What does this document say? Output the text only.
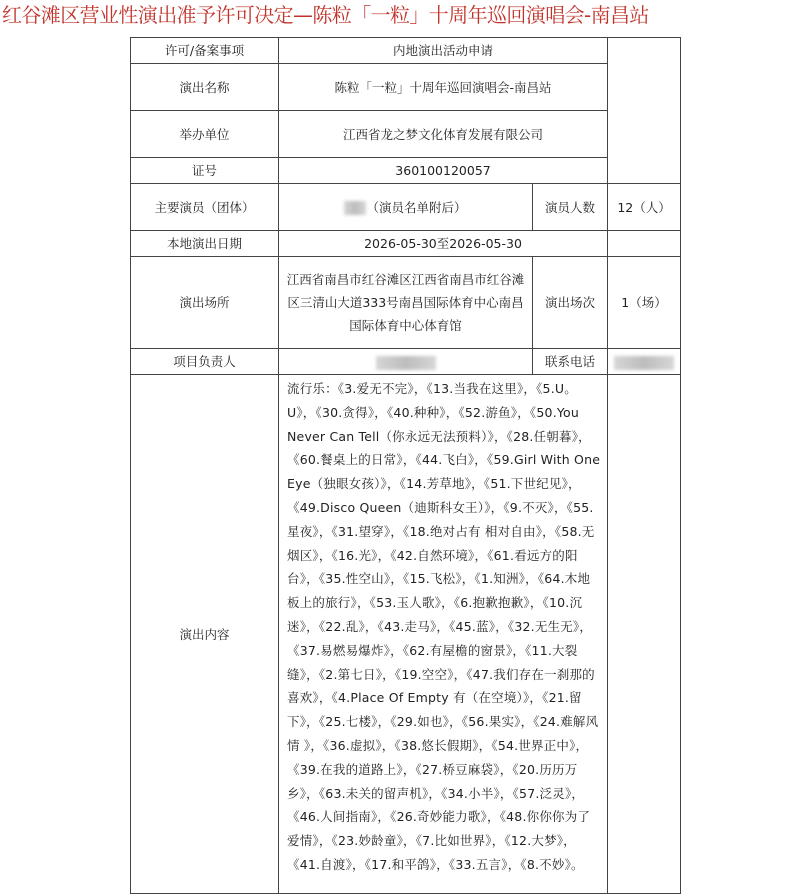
红谷滩区营业性演出准予许可决定—陈粒「一粒」十周年巡回演唱会-南昌站
许可/备案事项	内地演出活动申请		
演出名称	陈粒「一粒」十周年巡回演唱会-南昌站		
举办单位	江西省龙之梦文化体育发展有限公司		
证号	360100120057		
主要演员（团体）	（演员名单附后）	演员人数	12（人）
本地演出日期	2026-05-30至2026-05-30		
演出场所	江西省南昌市红谷滩区江西省南昌市红谷滩区三清山大道333号南昌国际体育中心南昌国际体育中心体育馆	演出场次	1（场）
项目负责人		联系电话	
演出内容	流行乐：《3.爱无不完》，《13.当我在这里》，《5.U。U》，《30.贪得》，《40.种种》，《52.游鱼》，《50.You Never Can Tell（你永远无法预料）》，《28.任朝暮》，《60.餐桌上的日常》，《44.飞白》，《59.Girl With One Eye（独眼女孩）》，《14.芳草地》，《51.下世纪见》，《49.Disco Queen（迪斯科女王）》，《9.不灭》，《55.星夜》，《31.望穿》，《18.绝对占有 相对自由》，《58.无烟区》，《16.光》，《42.自然环境》，《61.看远方的阳台》，《35.性空山》，《15.飞松》，《1.知洲》，《64.木地板上的旅行》，《53.玉人歌》，《6.抱歉抱歉》，《10.沉迷》，《22.乱》，《43.走马》，《45.蓝》，《32.无生无》，《37.易燃易爆炸》，《62.有屋檐的窗景》，《11.大裂缝》，《2.第七日》，《19.空空》，《47.我们存在一刹那的喜欢》，《4.Place Of Empty 有（在空境）》，《21.留下》，《25.七楼》，《29.如也》，《56.果实》，《24.难解风情 》，《36.虚拟》，《38.悠长假期》，《54.世界正中》，《39.在我的道路上》，《27.桥豆麻袋》，《20.历历万乡》，《63.未关的留声机》，《34.小半》，《57.泛灵》，《46.人间指南》，《26.奇妙能力歌》，《48.你你你为了爱情》，《23.妙龄童》，《7.比如世界》，《12.大梦》，《41.自渡》，《17.和平鸽》，《33.五言》，《8.不妙》。		
